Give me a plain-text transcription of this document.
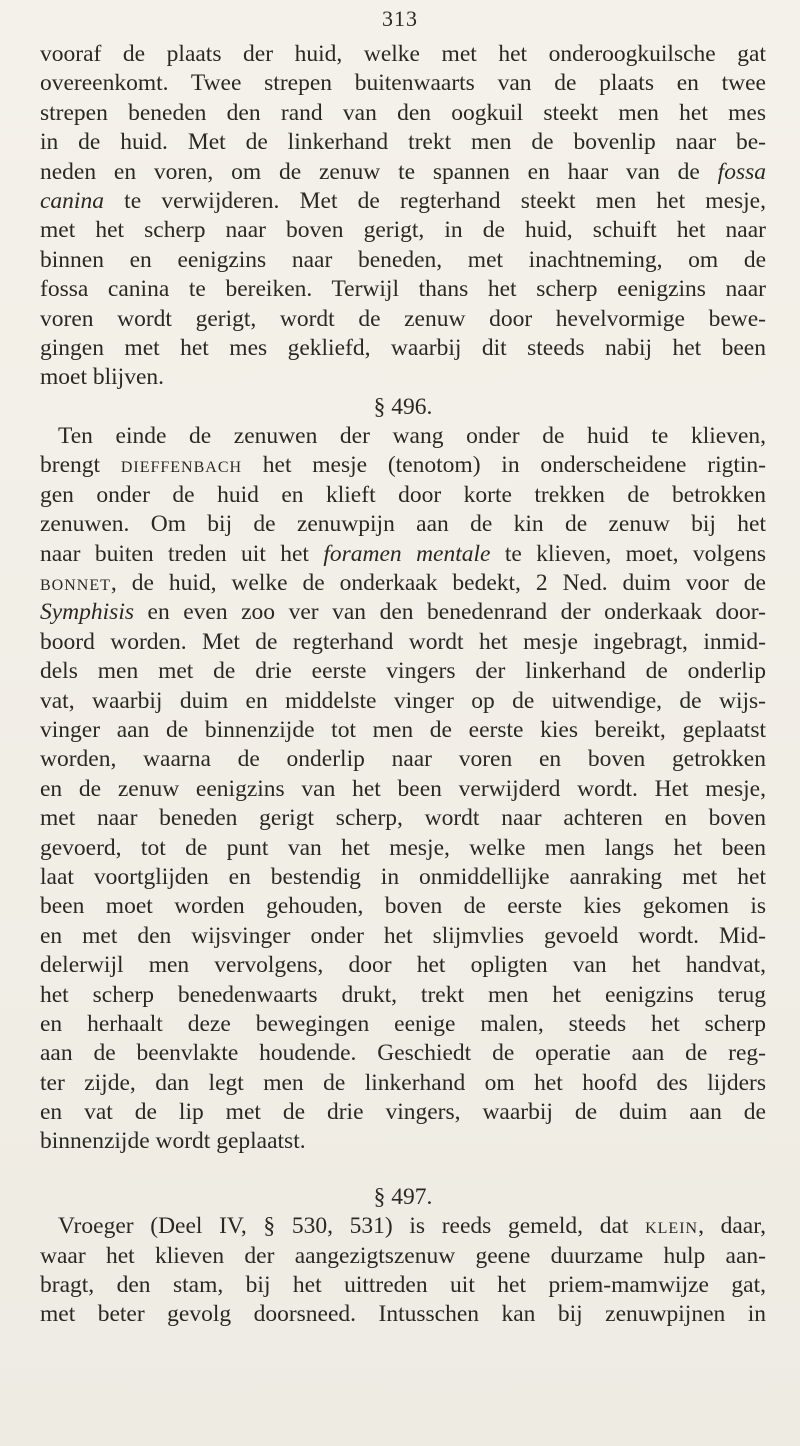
313
vooraf de plaats der huid, welke met het onderoogkuilsche gat
overeenkomt. Twee strepen buitenwaarts van de plaats en twee
strepen beneden den rand van den oogkuil steekt men het mes
in de huid. Met de linkerhand trekt men de bovenlip naar be-
neden en voren, om de zenuw te spannen en haar van de fossa
canina te verwijderen. Met de regterhand steekt men het mesje,
met het scherp naar boven gerigt, in de huid, schuift het naar
binnen en eenigzins naar beneden, met inachtneming, om de
fossa canina te bereiken. Terwijl thans het scherp eenigzins naar
voren wordt gerigt, wordt de zenuw door hevelvormige bewe-
gingen met het mes gekliefd, waarbij dit steeds nabij het been
moet blijven.
§ 496.
Ten einde de zenuwen der wang onder de huid te klieven,
brengt dieffenbach het mesje (tenotom) in onderscheidene rigtin-
gen onder de huid en klieft door korte trekken de betrokken
zenuwen. Om bij de zenuwpijn aan de kin de zenuw bij het
naar buiten treden uit het foramen mentale te klieven, moet, volgens
bonnet, de huid, welke de onderkaak bedekt, 2 Ned. duim voor de
Symphisis en even zoo ver van den benedenrand der onderkaak door-
boord worden. Met de regterhand wordt het mesje ingebragt, inmid-
dels men met de drie eerste vingers der linkerhand de onderlip
vat, waarbij duim en middelste vinger op de uitwendige, de wijs-
vinger aan de binnenzijde tot men de eerste kies bereikt, geplaatst
worden, waarna de onderlip naar voren en boven getrokken
en de zenuw eenigzins van het been verwijderd wordt. Het mesje,
met naar beneden gerigt scherp, wordt naar achteren en boven
gevoerd, tot de punt van het mesje, welke men langs het been
laat voortglijden en bestendig in onmiddellijke aanraking met het
been moet worden gehouden, boven de eerste kies gekomen is
en met den wijsvinger onder het slijmvlies gevoeld wordt. Mid-
delerwijl men vervolgens, door het opligten van het handvat,
het scherp benedenwaarts drukt, trekt men het eenigzins terug
en herhaalt deze bewegingen eenige malen, steeds het scherp
aan de beenvlakte houdende. Geschiedt de operatie aan de reg-
ter zijde, dan legt men de linkerhand om het hoofd des lijders
en vat de lip met de drie vingers, waarbij de duim aan de
binnenzijde wordt geplaatst.
§ 497.
Vroeger (Deel IV, § 530, 531) is reeds gemeld, dat klein, daar,
waar het klieven der aangezigtszenuw geene duurzame hulp aan-
bragt, den stam, bij het uittreden uit het priem-mamwijze gat,
met beter gevolg doorsneed. Intusschen kan bij zenuwpijnen in
